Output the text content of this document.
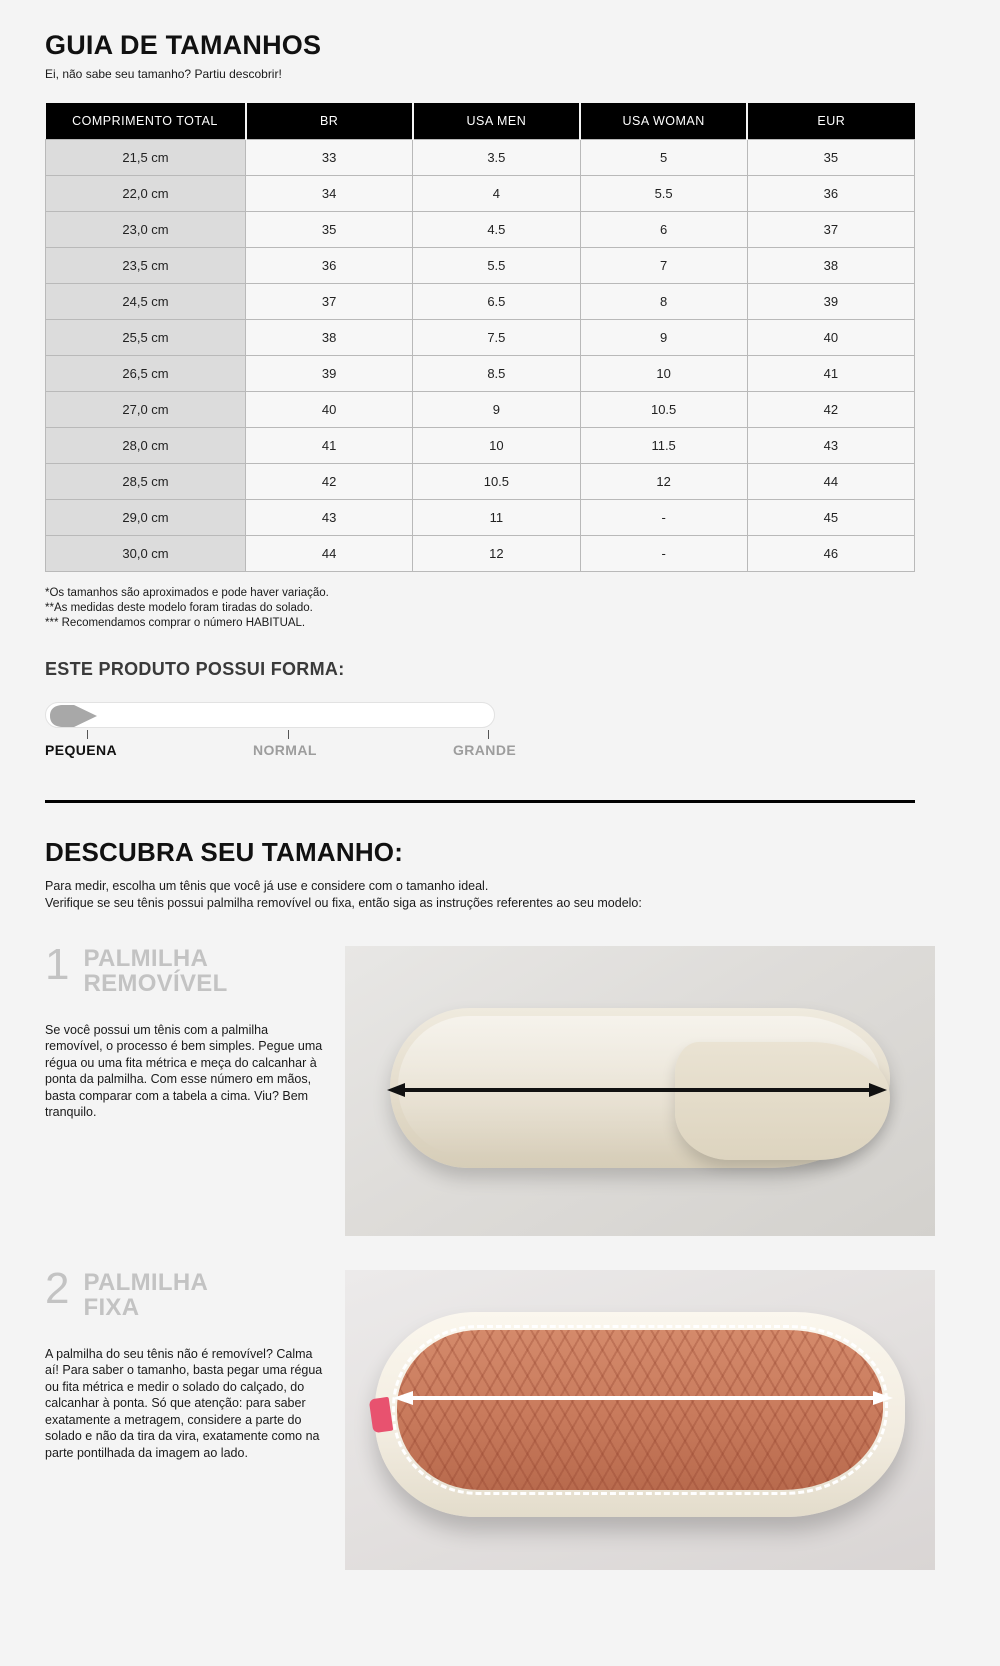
GUIA DE TAMANHOS
Ei, não sabe seu tamanho? Partiu descobrir!
COMPRIMENTO TOTAL	BR	USA MEN	USA WOMAN	EUR
21,5 cm	33	3.5	5	35
22,0 cm	34	4	5.5	36
23,0 cm	35	4.5	6	37
23,5 cm	36	5.5	7	38
24,5 cm	37	6.5	8	39
25,5 cm	38	7.5	9	40
26,5 cm	39	8.5	10	41
27,0 cm	40	9	10.5	42
28,0 cm	41	10	11.5	43
28,5 cm	42	10.5	12	44
29,0 cm	43	11	-	45
30,0 cm	44	12	-	46
*Os tamanhos são aproximados e pode haver variação.
**As medidas deste modelo foram tiradas do solado.
*** Recomendamos comprar o número HABITUAL.
ESTE PRODUTO POSSUI FORMA:
PEQUENA	NORMAL	GRANDE
DESCUBRA SEU TAMANHO:
Para medir, escolha um tênis que você já use e considere com o tamanho ideal.
Verifique se seu tênis possui palmilha removível ou fixa, então siga as instruções referentes ao seu modelo:
1 PALMILHA
REMOVÍVEL
Se você possui um tênis com a palmilha removível, o processo é bem simples. Pegue uma régua ou uma fita métrica e meça do calcanhar à ponta da palmilha. Com esse número em mãos, basta comparar com a tabela a cima. Viu? Bem tranquilo.
2 PALMILHA
FIXA
A palmilha do seu tênis não é removível? Calma aí! Para saber o tamanho, basta pegar uma régua ou fita métrica e medir o solado do calçado, do calcanhar à ponta. Só que atenção: para saber exatamente a metragem, considere a parte do solado e não da tira da vira, exatamente como na parte pontilhada da imagem ao lado.
